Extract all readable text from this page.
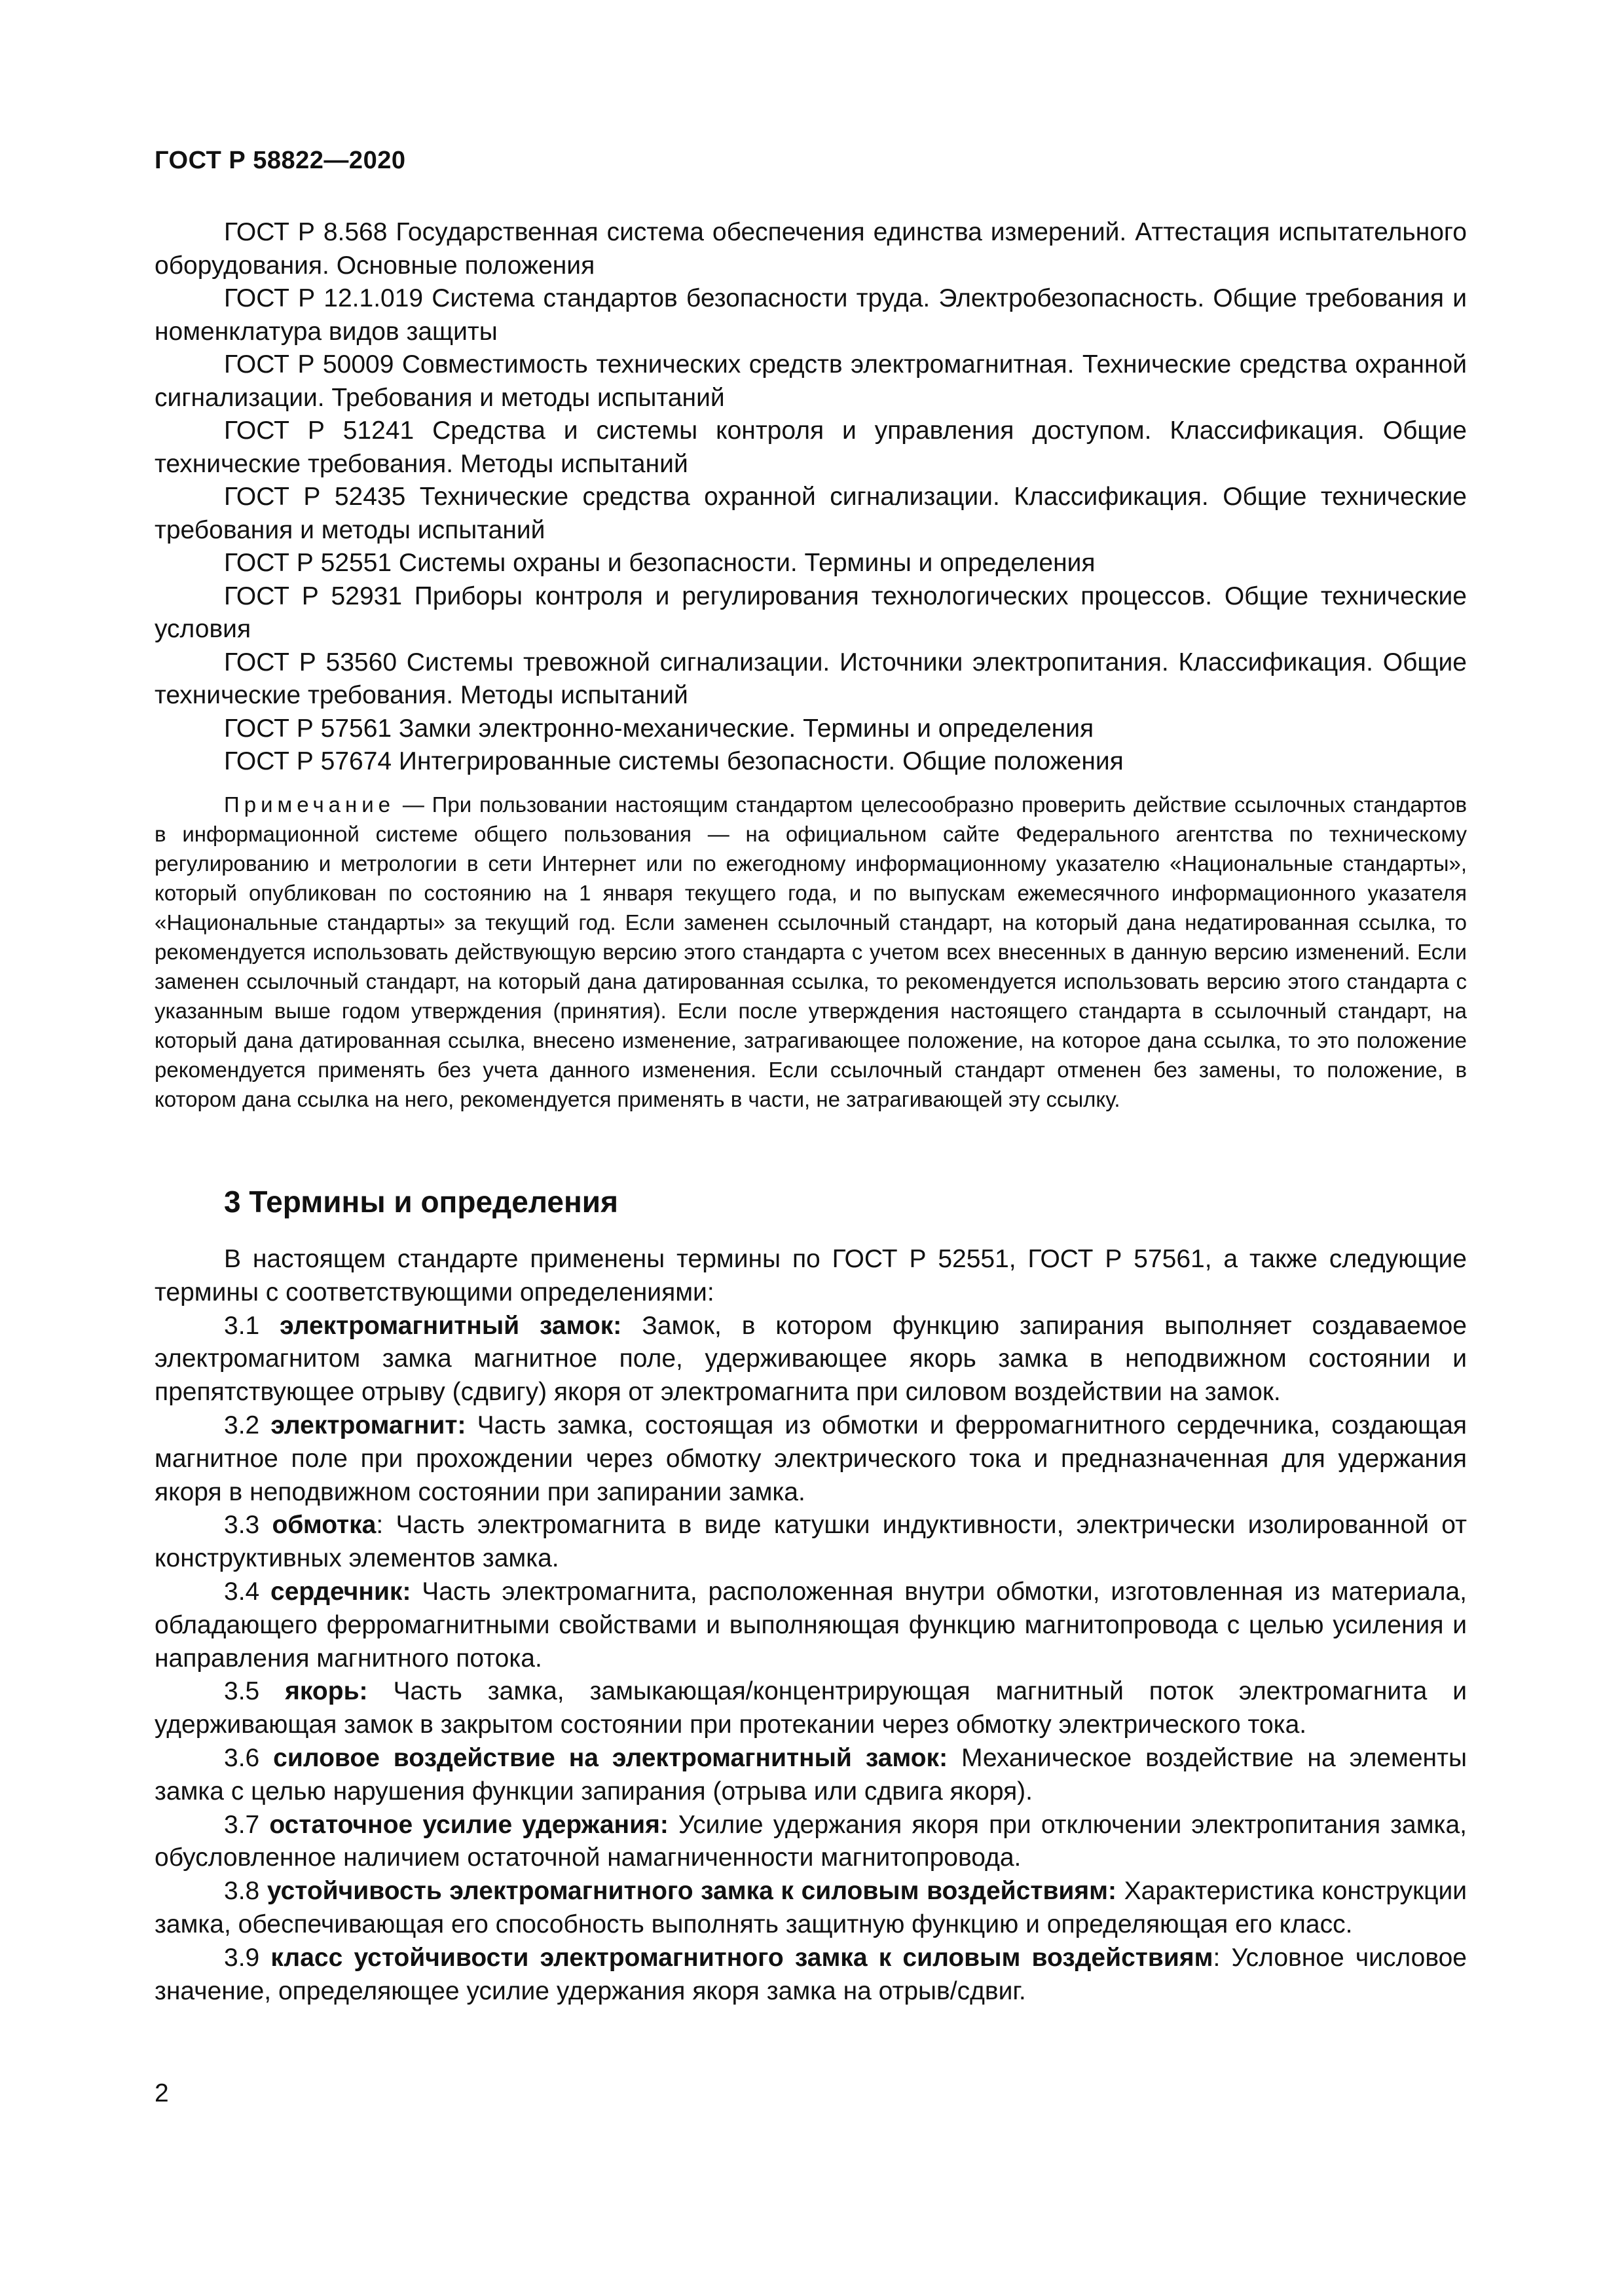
ГОСТ Р 58822—2020

ГОСТ Р 8.568 Государственная система обеспечения единства измерений. Аттестация испытательного оборудования. Основные положения

ГОСТ Р 12.1.019 Система стандартов безопасности труда. Электробезопасность. Общие требования и номенклатура видов защиты

ГОСТ Р 50009 Совместимость технических средств электромагнитная. Технические средства охранной сигнализации. Требования и методы испытаний

ГОСТ Р 51241 Средства и системы контроля и управления доступом. Классификация. Общие технические требования. Методы испытаний

ГОСТ Р 52435 Технические средства охранной сигнализации. Классификация. Общие технические требования и методы испытаний

ГОСТ Р 52551 Системы охраны и безопасности. Термины и определения

ГОСТ Р 52931 Приборы контроля и регулирования технологических процессов. Общие технические условия

ГОСТ Р 53560 Системы тревожной сигнализации. Источники электропитания. Классификация. Общие технические требования. Методы испытаний

ГОСТ Р 57561 Замки электронно-механические. Термины и определения

ГОСТ Р 57674 Интегрированные системы безопасности. Общие положения

Примечание — При пользовании настоящим стандартом целесообразно проверить действие ссылочных стандартов в информационной системе общего пользования — на официальном сайте Федерального агентства по техническому регулированию и метрологии в сети Интернет или по ежегодному информационному указателю «Национальные стандарты», который опубликован по состоянию на 1 января текущего года, и по выпускам ежемесячного информационного указателя «Национальные стандарты» за текущий год. Если заменен ссылочный стандарт, на который дана недатированная ссылка, то рекомендуется использовать действующую версию этого стандарта с учетом всех внесенных в данную версию изменений. Если заменен ссылочный стандарт, на который дана датированная ссылка, то рекомендуется использовать версию этого стандарта с указанным выше годом утверждения (принятия). Если после утверждения настоящего стандарта в ссылочный стандарт, на который дана датированная ссылка, внесено изменение, затрагивающее положение, на которое дана ссылка, то это положение рекомендуется применять без учета данного изменения. Если ссылочный стандарт отменен без замены, то положение, в котором дана ссылка на него, рекомендуется применять в части, не затрагивающей эту ссылку.

3 Термины и определения

В настоящем стандарте применены термины по ГОСТ Р 52551, ГОСТ Р 57561, а также следующие термины с соответствующими определениями:

3.1 электромагнитный замок: Замок, в котором функцию запирания выполняет создаваемое электромагнитом замка магнитное поле, удерживающее якорь замка в неподвижном состоянии и препятствующее отрыву (сдвигу) якоря от электромагнита при силовом воздействии на замок.

3.2 электромагнит: Часть замка, состоящая из обмотки и ферромагнитного сердечника, создающая магнитное поле при прохождении через обмотку электрического тока и предназначенная для удержания якоря в неподвижном состоянии при запирании замка.

3.3 обмотка: Часть электромагнита в виде катушки индуктивности, электрически изолированной от конструктивных элементов замка.

3.4 сердечник: Часть электромагнита, расположенная внутри обмотки, изготовленная из материала, обладающего ферромагнитными свойствами и выполняющая функцию магнитопровода с целью усиления и направления магнитного потока.

3.5 якорь: Часть замка, замыкающая/концентрирующая магнитный поток электромагнита и удерживающая замок в закрытом состоянии при протекании через обмотку электрического тока.

3.6 силовое воздействие на электромагнитный замок: Механическое воздействие на элементы замка с целью нарушения функции запирания (отрыва или сдвига якоря).

3.7 остаточное усилие удержания: Усилие удержания якоря при отключении электропитания замка, обусловленное наличием остаточной намагниченности магнитопровода.

3.8 устойчивость электромагнитного замка к силовым воздействиям: Характеристика конструкции замка, обеспечивающая его способность выполнять защитную функцию и определяющая его класс.

3.9 класс устойчивости электромагнитного замка к силовым воздействиям: Условное числовое значение, определяющее усилие удержания якоря замка на отрыв/сдвиг.

2
